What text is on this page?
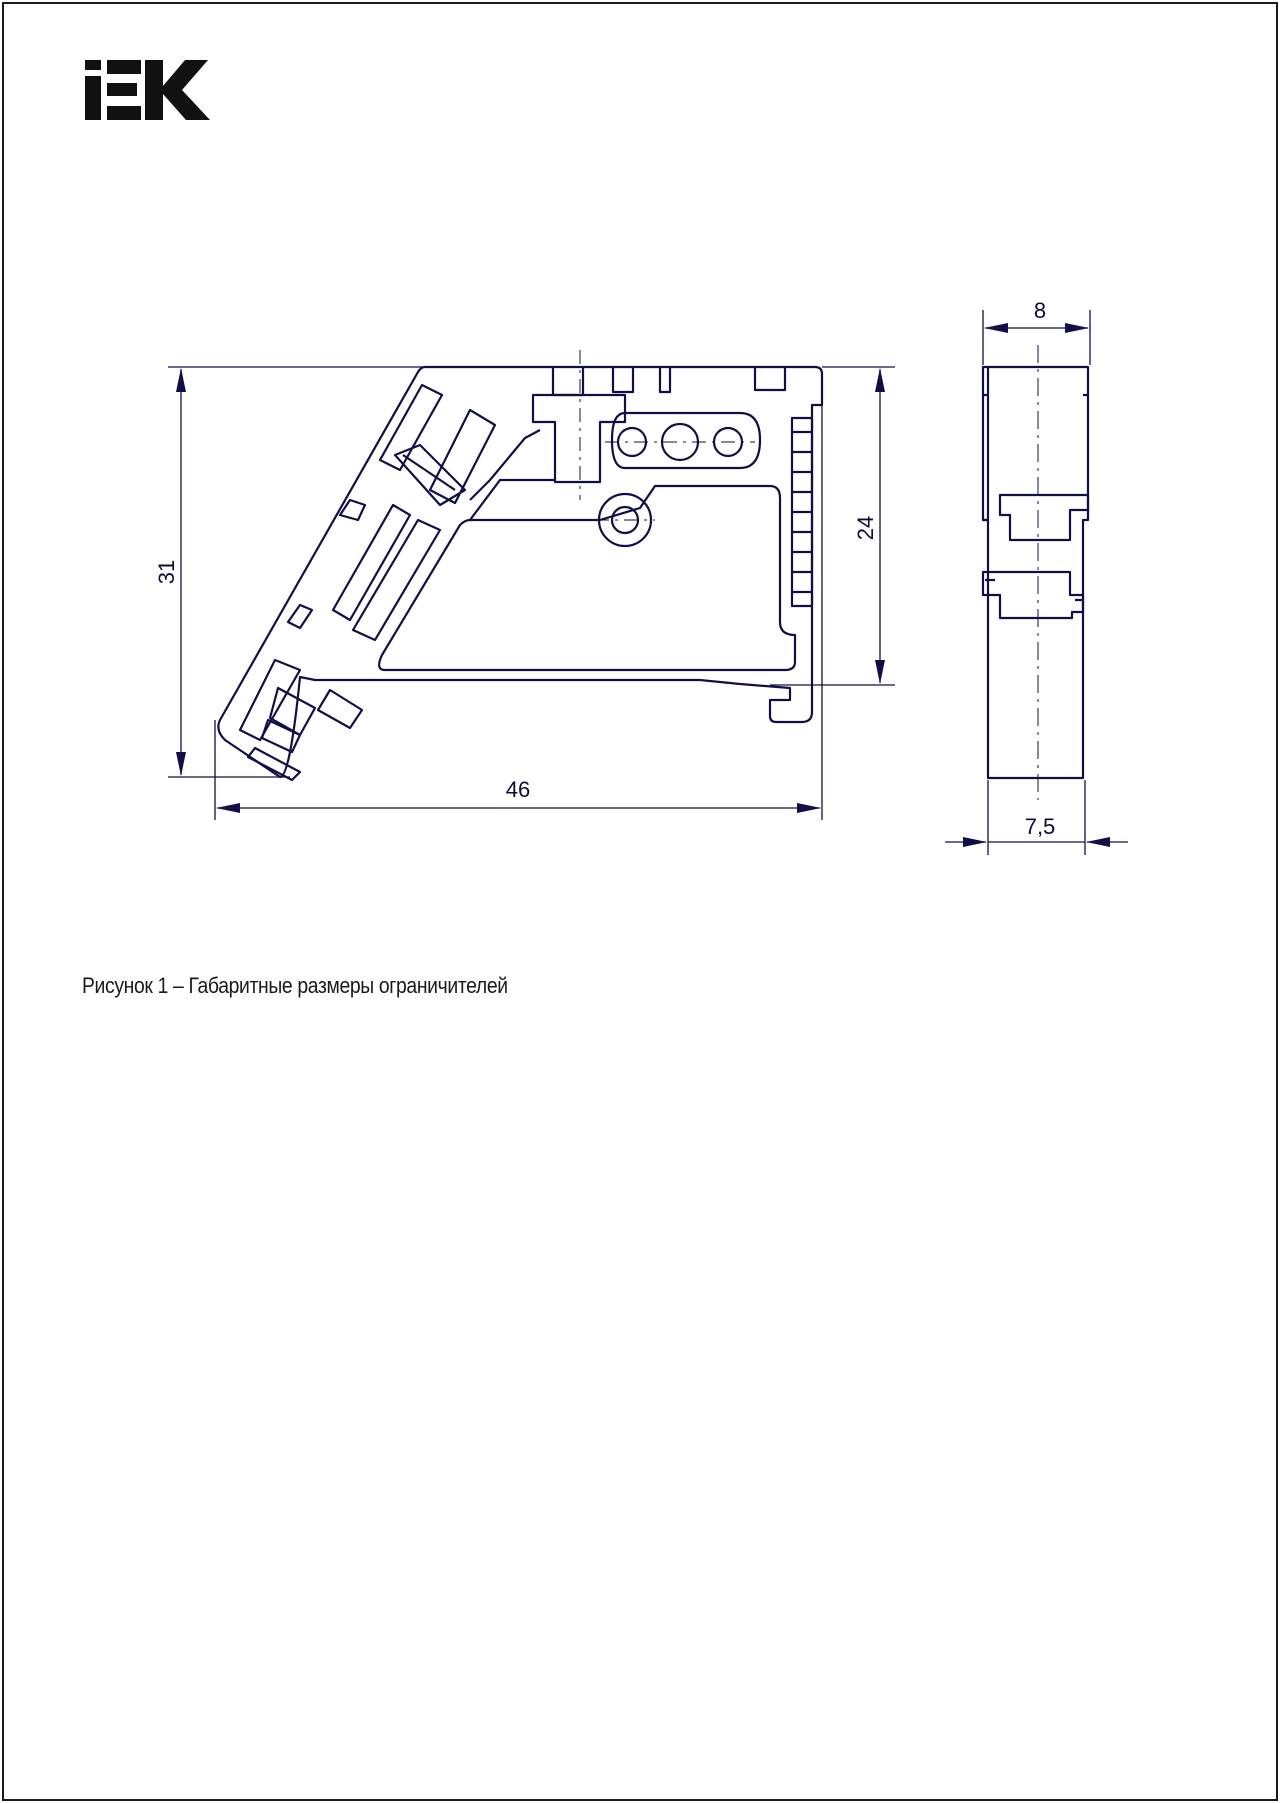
31
24
46
8
7,5
Рисунок 1 – Габаритные размеры ограничителей
